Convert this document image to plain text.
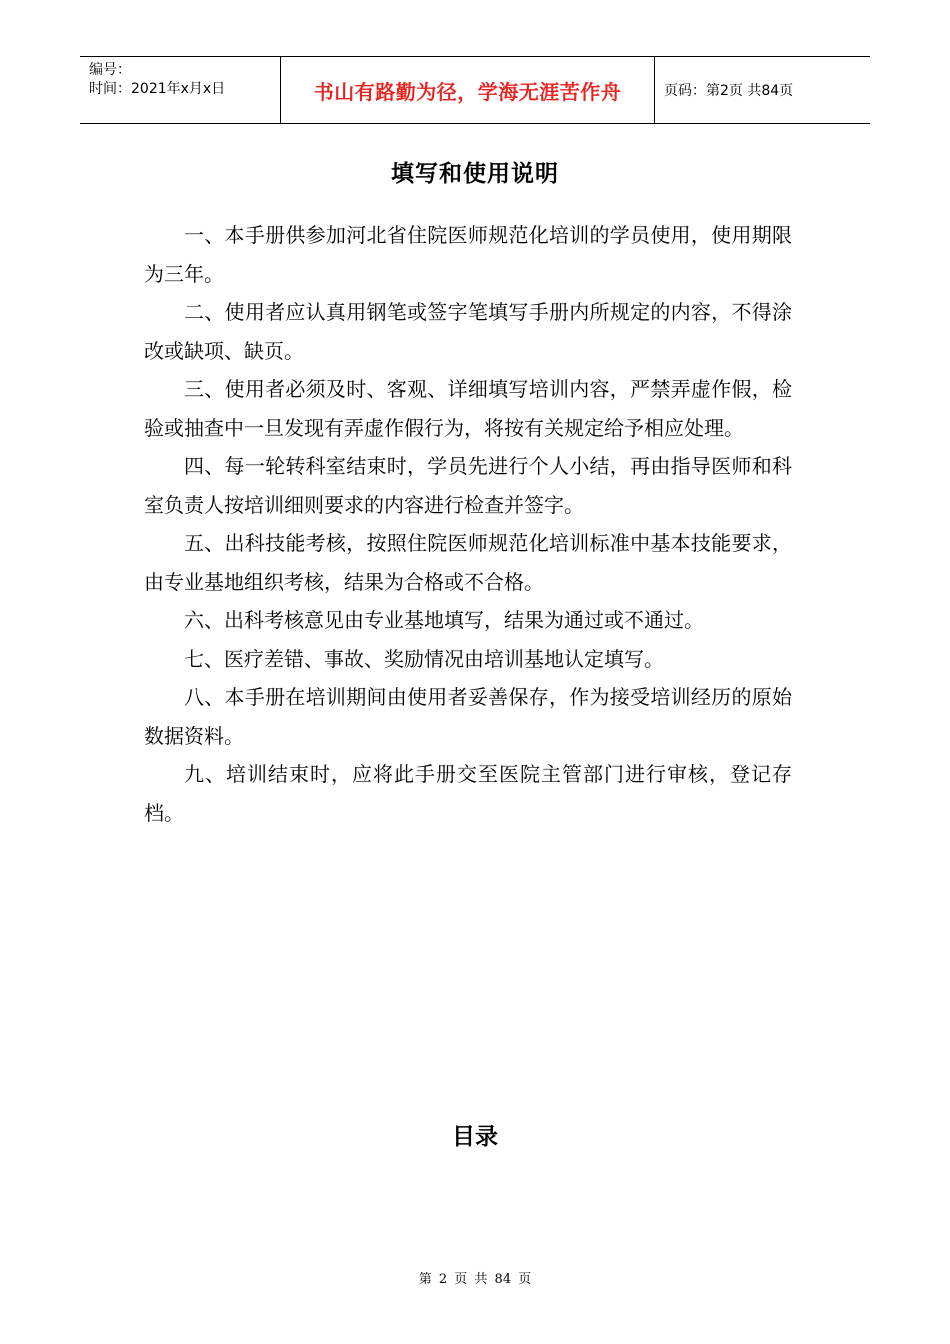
编号：
时间：2021年x月x日	书山有路勤为径，学海无涯苦作舟	页码：第2页 共84页
填写和使用说明

一、本手册供参加河北省住院医师规范化培训的学员使用，使用期限为三年。

二、使用者应认真用钢笔或签字笔填写手册内所规定的内容，不得涂改或缺项、缺页。

三、使用者必须及时、客观、详细填写培训内容，严禁弄虚作假，检验或抽查中一旦发现有弄虚作假行为，将按有关规定给予相应处理。

四、每一轮转科室结束时，学员先进行个人小结，再由指导医师和科室负责人按培训细则要求的内容进行检查并签字。

五、出科技能考核，按照住院医师规范化培训标准中基本技能要求，由专业基地组织考核，结果为合格或不合格。

六、出科考核意见由专业基地填写，结果为通过或不通过。

七、医疗差错、事故、奖励情况由培训基地认定填写。

八、本手册在培训期间由使用者妥善保存，作为接受培训经历的原始数据资料。

九、培训结束时，应将此手册交至医院主管部门进行审核，登记存档。

目录
第 2 页 共 84 页
